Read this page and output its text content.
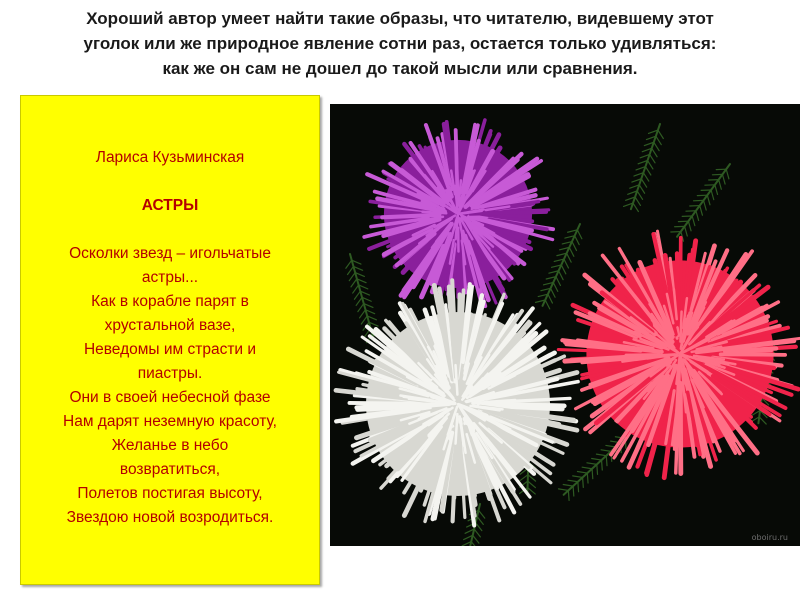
Хороший автор умеет найти такие образы, что читателю, видевшему этот
уголок или же природное явление сотни раз, остается только удивляться:
как же он сам не дошел до такой мысли или сравнения.
Лариса Кузьминская
АСТРЫ
Осколки звезд – игольчатые
астры...
Как в корабле парят в
хрустальной вазе,
Неведомы им страсти и
пиастры.
Они в своей небесной фазе
Нам дарят неземную красоту,
Желанье в небо
возвратиться,
Полетов постигая высоту,
Звездою новой возродиться.
oboiru.ru
